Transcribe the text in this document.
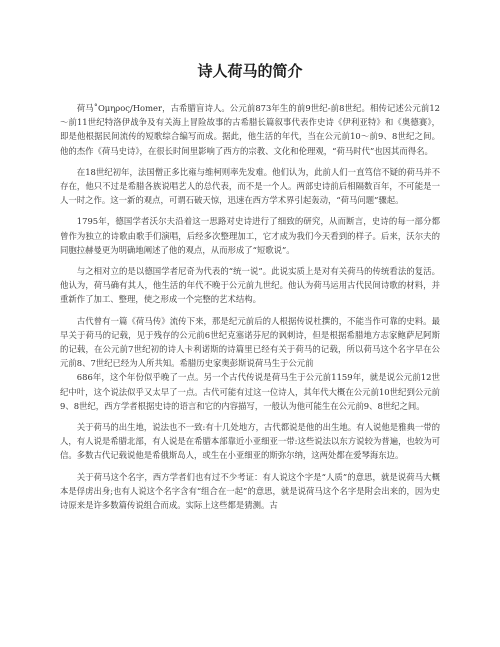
诗人荷马的简介

荷马˚Ομηρος/Homer，古希腊盲诗人。公元前873年生的前9世纪-前8世纪。相传记述公元前12～前11世纪特洛伊战争及有关海上冒险故事的古希腊长篇叙事代表作史诗《伊利亚特》和《奥德赛》，即是他根据民间流传的短歌综合编写而成。据此，他生活的年代，当在公元前10～前9、8世纪之间。他的杰作《荷马史诗》，在很长时间里影响了西方的宗教、文化和伦理观，“荷马时代”也因其而得名。

在18世纪初年，法国僧正多比雍与维柯则率先发难。他们认为，此前人们一直笃信不疑的荷马并不存在，他只不过是希腊各族说唱艺人的总代表，而不是一个人。两部史诗前后相隔数百年，不可能是一人一时之作。这一新的观点，可谓石破天惊，迅速在西方学术界引起轰动，“荷马问题”骤起。

1795年，德国学者沃尔夫沿着这一思路对史诗进行了细致的研究，从而断言，史诗的每一部分都曾作为独立的诗歌由歌手们演唱，后经多次整理加工，它才成为我们今天看到的样子。后来，沃尔夫的同胞拉赫曼更为明确地阐述了他的观点，从而形成了“短歌说”。

与之相对立的是以德国学者尼奇为代表的“统一说”。此说实质上是对有关荷马的传统看法的复活。他认为，荷马确有其人，他生活的年代不晚于公元前九世纪。他认为荷马运用古代民间诗歌的材料，并重新作了加工、整理，使之形成一个完整的艺术结构。

古代曾有一篇《荷马传》流传下来，那是纪元前后的人根据传说杜撰的，不能当作可靠的史料。最早关于荷马的记载，见于残存的公元前6世纪克塞诺芬尼的讽刺诗，但是根据希腊地方志家鲍萨尼阿斯的记载，在公元前7世纪初的诗人卡利诺斯的诗篇里已经有关于荷马的记载，所以荷马这个名字早在公元前8、7世纪已经为人所共知。希腊历史家奥彭斯说荷马生于公元前

686年，这个年份似乎晚了一点。另一个古代传说是荷马生于公元前1159年，就是说公元前12世纪中叶，这个说法似乎又太早了一点。古代可能有过这一位诗人，其年代大概在公元前10世纪到公元前9、8世纪，西方学者根据史诗的语言和它的内容描写，一般认为他可能生在公元前9、8世纪之间。

关于荷马的出生地，说法也不一致:有十几处地方，古代都说是他的出生地。有人说他是雅典一带的人，有人说是希腊北部，有人说是在希腊本部靠近小亚细亚一带:这些说法以东方说较为普遍，也较为可信。多数古代记载说他是希俄斯岛人，或生在小亚细亚的斯弥尔纳，这两处都在爱琴海东边。

关于荷马这个名字，西方学者们也有过不少考证：有人说这个字是“人质”的意思，就是说荷马大概本是俘虏出身;也有人说这个名字含有“组合在一起”的意思，就是说荷马这个名字是附会出来的，因为史诗原来是许多数篇传说组合而成。实际上这些都是猜测。古
